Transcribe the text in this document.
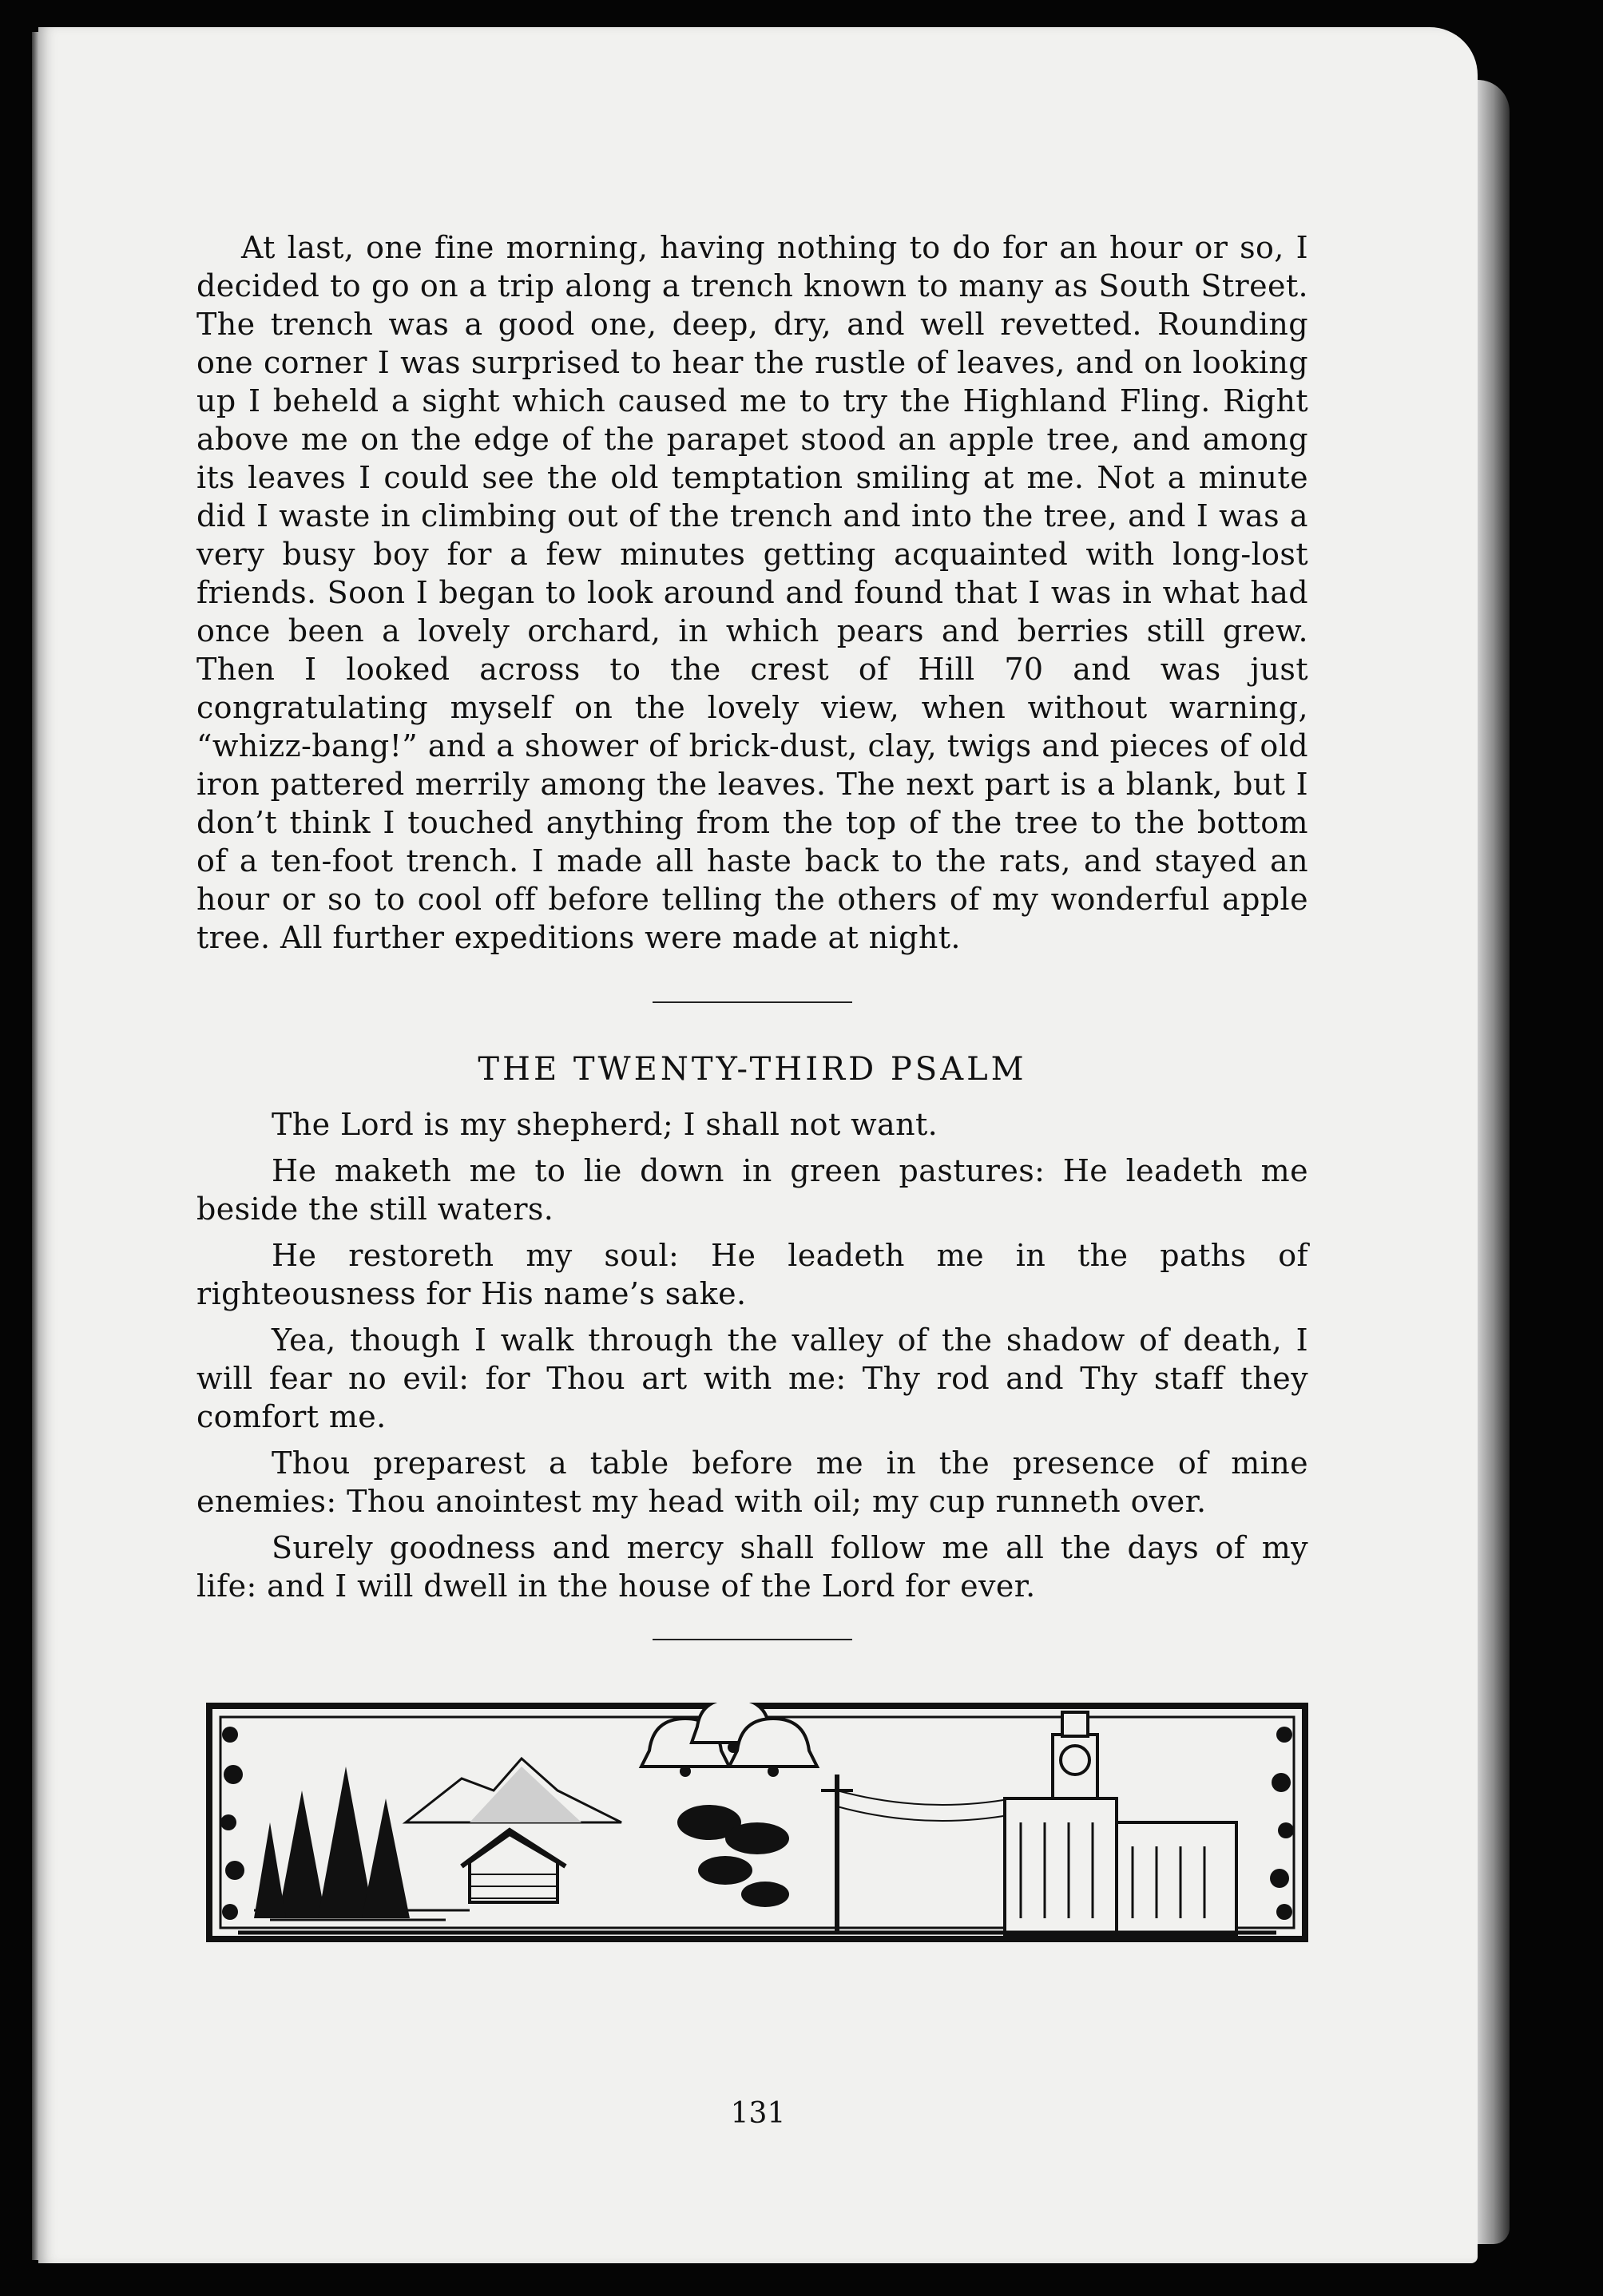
At last, one fine morning, having nothing to do for an hour or so, I decided to go on a trip along a trench known to many as South Street. The trench was a good one, deep, dry, and well revetted. Rounding one corner I was surprised to hear the rustle of leaves, and on looking up I beheld a sight which caused me to try the Highland Fling. Right above me on the edge of the parapet stood an apple tree, and among its leaves I could see the old temptation smiling at me. Not a minute did I waste in climbing out of the trench and into the tree, and I was a very busy boy for a few minutes getting acquainted with long-lost friends. Soon I began to look around and found that I was in what had once been a lovely orchard, in which pears and berries still grew. Then I looked across to the crest of Hill 70 and was just congratulating myself on the lovely view, when without warning, “whizz-bang!” and a shower of brick-dust, clay, twigs and pieces of old iron pattered merrily among the leaves. The next part is a blank, but I don’t think I touched anything from the top of the tree to the bottom of a ten-foot trench. I made all haste back to the rats, and stayed an hour or so to cool off before telling the others of my wonderful apple tree. All further expeditions were made at night.

THE TWENTY-THIRD PSALM

The Lord is my shepherd; I shall not want.

He maketh me to lie down in green pastures: He leadeth me beside the still waters.

He restoreth my soul: He leadeth me in the paths of righteousness for His name’s sake.

Yea, though I walk through the valley of the shadow of death, I will fear no evil: for Thou art with me: Thy rod and Thy staff they comfort me.

Thou preparest a table before me in the presence of mine enemies: Thou anointest my head with oil; my cup runneth over.

Surely goodness and mercy shall follow me all the days of my life: and I will dwell in the house of the Lord for ever.

131
